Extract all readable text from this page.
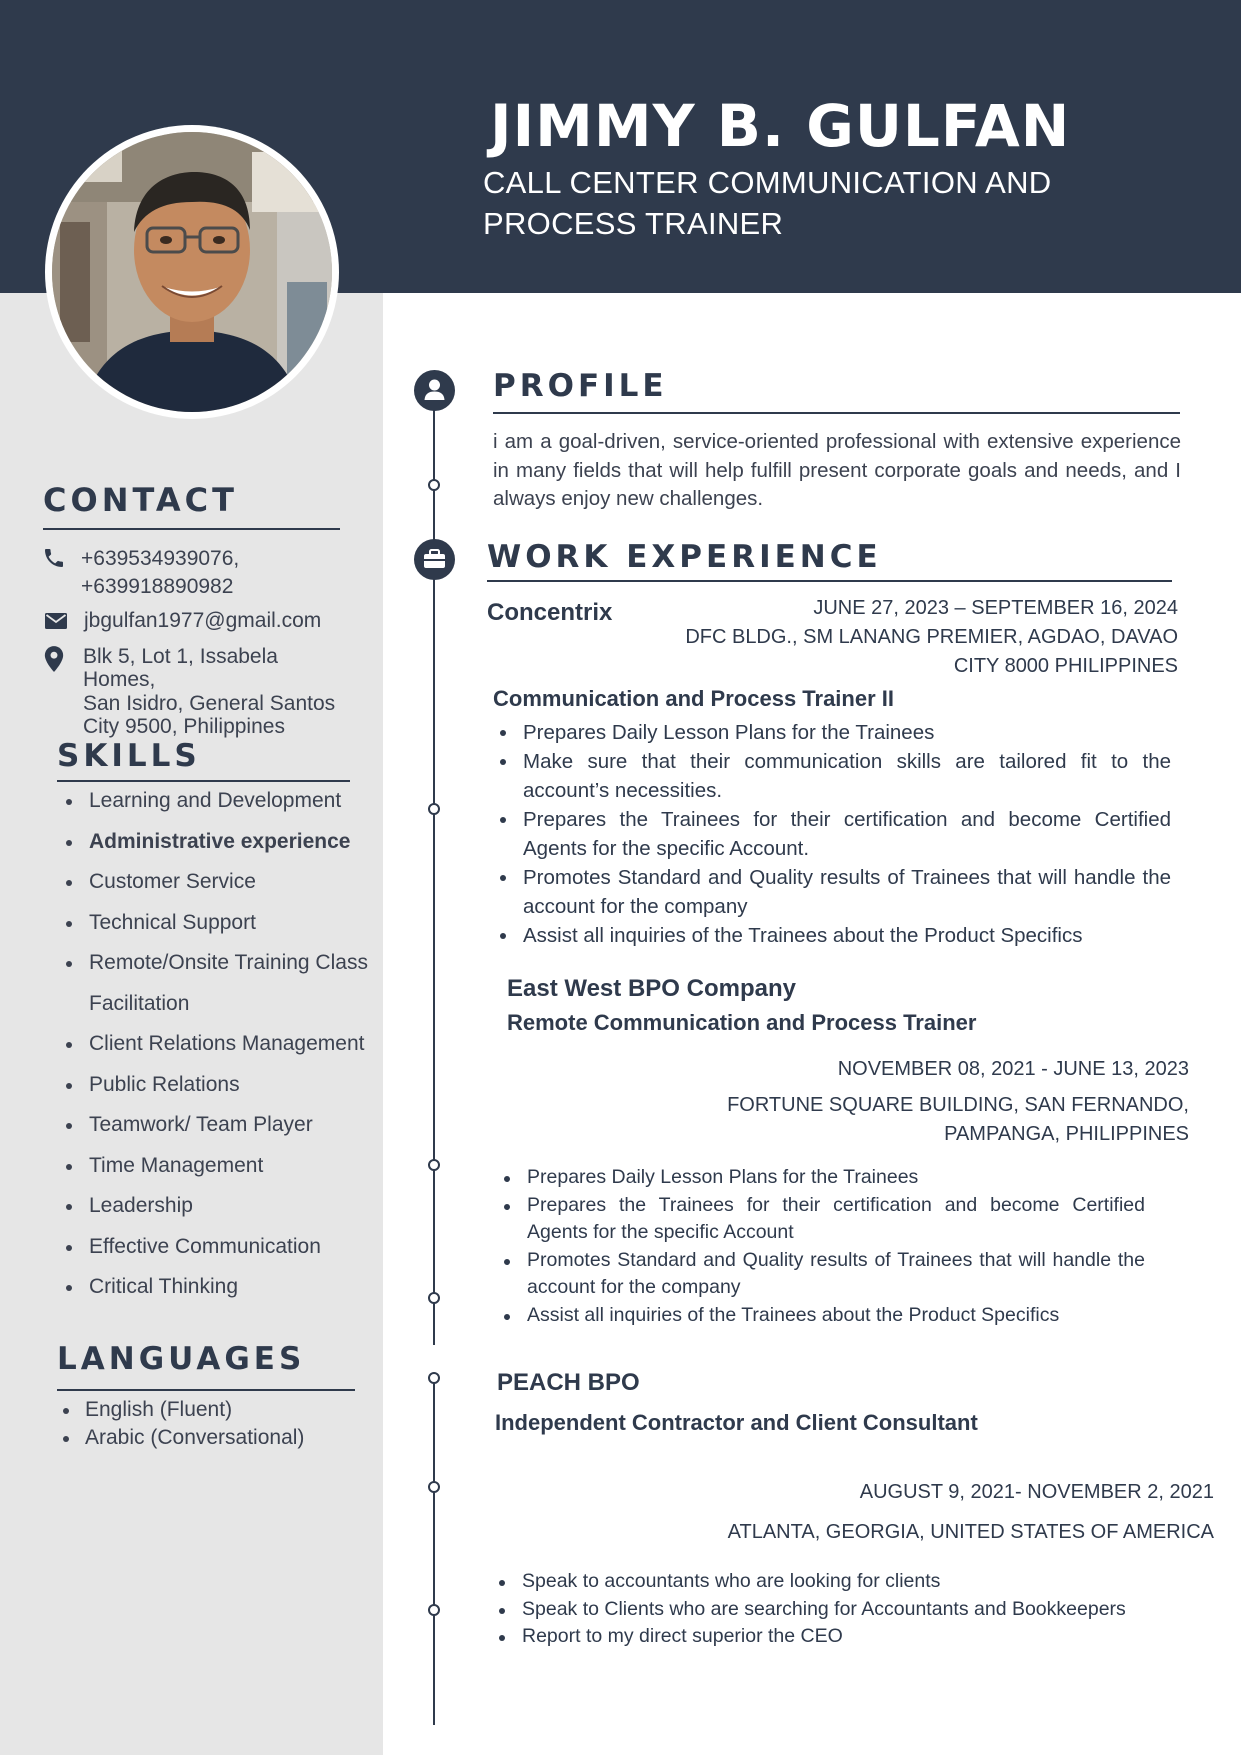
JIMMY B. GULFAN
CALL CENTER COMMUNICATION AND
PROCESS TRAINER
CONTACT
+639534939076,
+639918890982
jbgulfan1977@gmail.com
Blk 5, Lot 1, Issabela
Homes,
San Isidro, General Santos
City 9500, Philippines
SKILLS
Learning and Development
Administrative experience
Customer Service
Technical Support
Remote/Onsite Training Class
Facilitation
Client Relations Management
Public Relations
Teamwork/ Team Player
Time Management
Leadership
Effective Communication
Critical Thinking
LANGUAGES
English (Fluent)
Arabic (Conversational)
PROFILE
i am a goal-driven, service-oriented professional with extensive experience in many fields that will help fulfill present corporate goals and needs, and I always enjoy new challenges.
WORK EXPERIENCE
Concentrix	JUNE 27, 2023 – SEPTEMBER 16, 2024
DFC BLDG., SM LANANG PREMIER, AGDAO, DAVAO
CITY 8000 PHILIPPINES
Communication and Process Trainer II
Prepares Daily Lesson Plans for the Trainees
Make sure that their communication skills are tailored fit to the account’s necessities.
Prepares the Trainees for their certification and become Certified Agents for the specific Account.
Promotes Standard and Quality results of Trainees that will handle the account for the company
Assist all inquiries of the Trainees about the Product Specifics
East West BPO Company
Remote Communication and Process Trainer
NOVEMBER 08, 2021 - JUNE 13, 2023
FORTUNE SQUARE BUILDING, SAN FERNANDO,
PAMPANGA, PHILIPPINES
Prepares Daily Lesson Plans for the Trainees
Prepares the Trainees for their certification and become Certified Agents for the specific Account
Promotes Standard and Quality results of Trainees that will handle the account for the company
Assist all inquiries of the Trainees about the Product Specifics
PEACH BPO
Independent Contractor and Client Consultant
AUGUST 9, 2021- NOVEMBER 2, 2021
ATLANTA, GEORGIA, UNITED STATES OF AMERICA
Speak to accountants who are looking for clients
Speak to Clients who are searching for Accountants and Bookkeepers
Report to my direct superior the CEO
